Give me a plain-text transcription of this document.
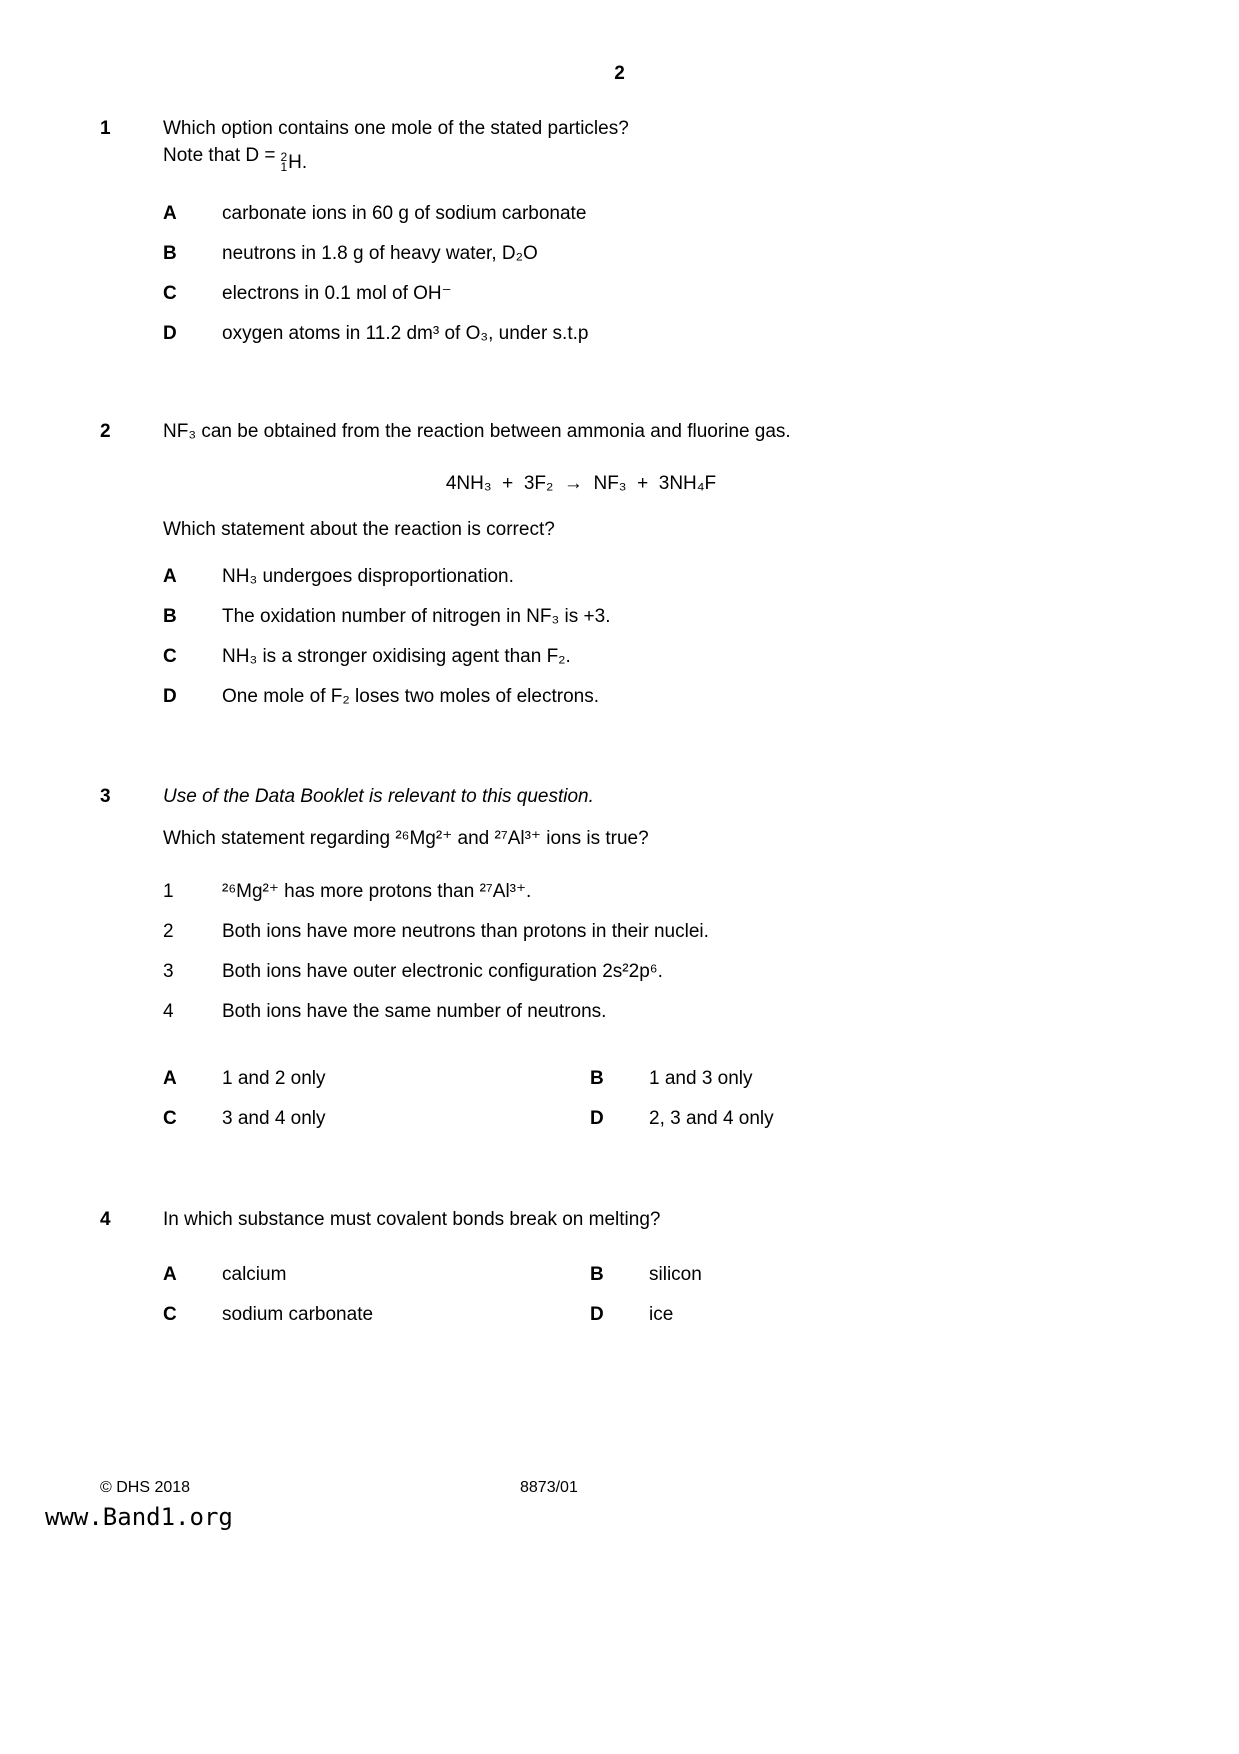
2
1	Which option contains one mole of the stated particles?
Note that D = 2
1 H.
A	carbonate ions in 60 g of sodium carbonate
B	neutrons in 1.8 g of heavy water, D₂O
C	electrons in 0.1 mol of OH⁻
D	oxygen atoms in 11.2 dm³ of O₃, under s.t.p
2	NF₃ can be obtained from the reaction between ammonia and fluorine gas.
4NH₃  +  3F₂  →  NF₃  +  3NH₄F
Which statement about the reaction is correct?
A	NH₃ undergoes disproportionation.
B	The oxidation number of nitrogen in NF₃ is +3.
C	NH₃ is a stronger oxidising agent than F₂.
D	One mole of F₂ loses two moles of electrons.
3	Use of the Data Booklet is relevant to this question.
Which statement regarding ²⁶Mg²⁺ and ²⁷Al³⁺ ions is true?
1	²⁶Mg²⁺ has more protons than ²⁷Al³⁺.
2	Both ions have more neutrons than protons in their nuclei.
3	Both ions have outer electronic configuration 2s²2p⁶.
4	Both ions have the same number of neutrons.
A	1 and 2 only	B	1 and 3 only
C	3 and 4 only	D	2, 3 and 4 only
4	In which substance must covalent bonds break on melting?
A	calcium	B	silicon
C	sodium carbonate	D	ice
© DHS 2018	8873/01
www.Band1.org
